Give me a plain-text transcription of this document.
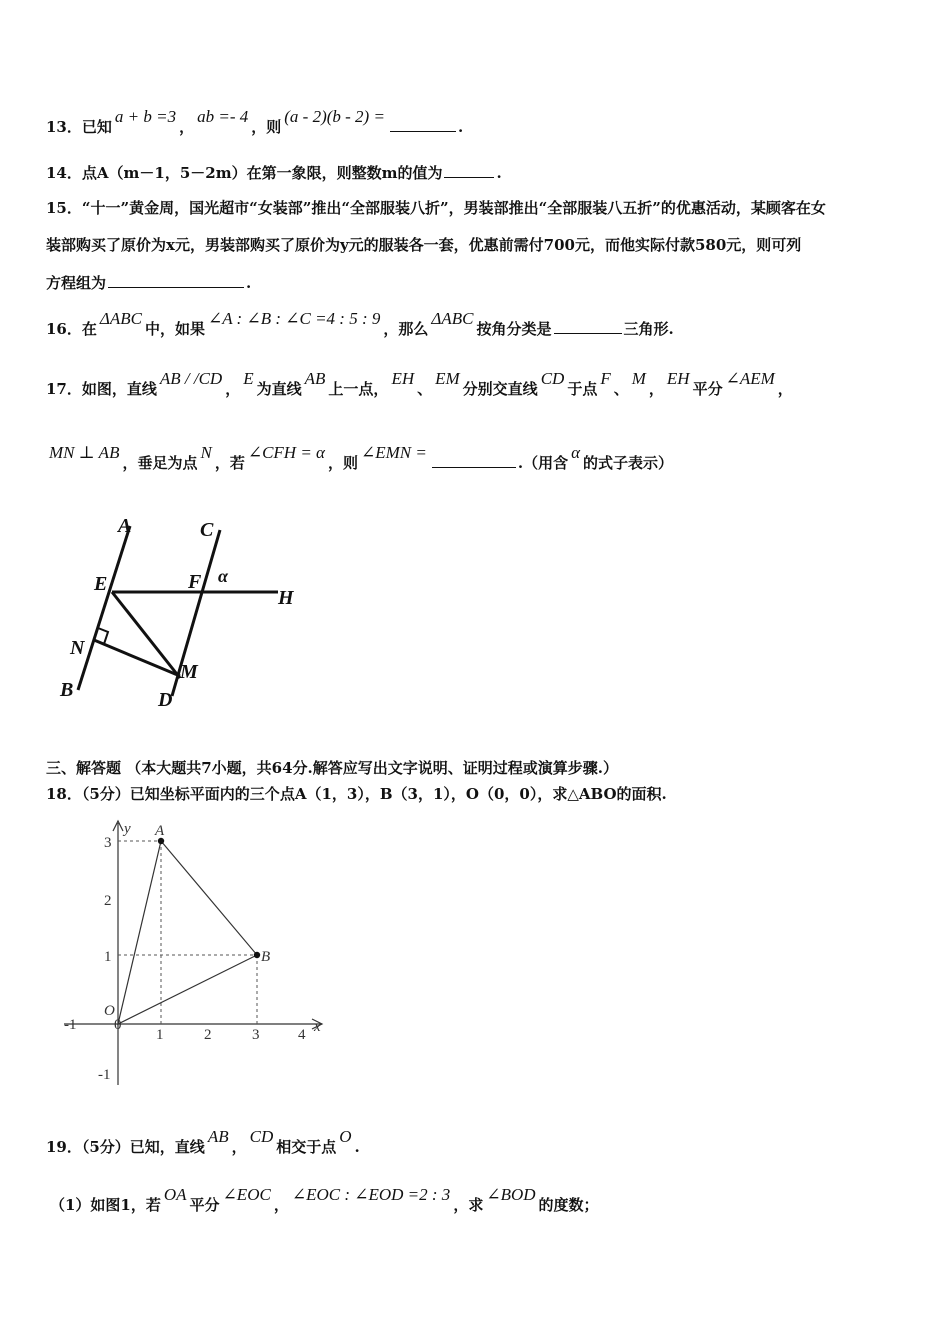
13．已知a + b =3，ab =- 4，则(a - 2)(b - 2) =.
14．点A（m－1，5－2m）在第一象限，则整数m的值为	.
15．“十一”黄金周，国光超市“女装部”推出“全部服装八折”，男装部推出“全部服装八五折”的优惠活动，某顾客在女
装部购买了原价为x元，男装部购买了原价为y元的服装各一套，优惠前需付700元，而他实际付款580元，则可列
方程组为	.
16．在ΔABC中，如果∠A : ∠B : ∠C =4 : 5 : 9，那么ΔABC按角分类是	三角形.
17．如图，直线AB / /CD，E为直线AB上一点，EH、EM分别交直线CD于点F、M，EH平分∠AEM，
MN ⊥ AB，垂足为点N，若∠CFH = α，则∠EMN =.（用含α的式子表示）
A	C
E	F α
H
N
M
B	D
三、解答题 （本大题共7小题，共64分.解答应写出文字说明、证明过程或演算步骤.）
18．（5分）已知坐标平面内的三个点A（1，3），B（3，1），O（0，0），求△ABO的面积.
y
x
O
A
B
-1
1	2	3	4
0
3
2
1
-1
19．（5分）已知，直线AB，CD相交于点O.
（1）如图1，若OA平分∠EOC，∠EOC : ∠EOD =2 : 3，求∠BOD的度数；
